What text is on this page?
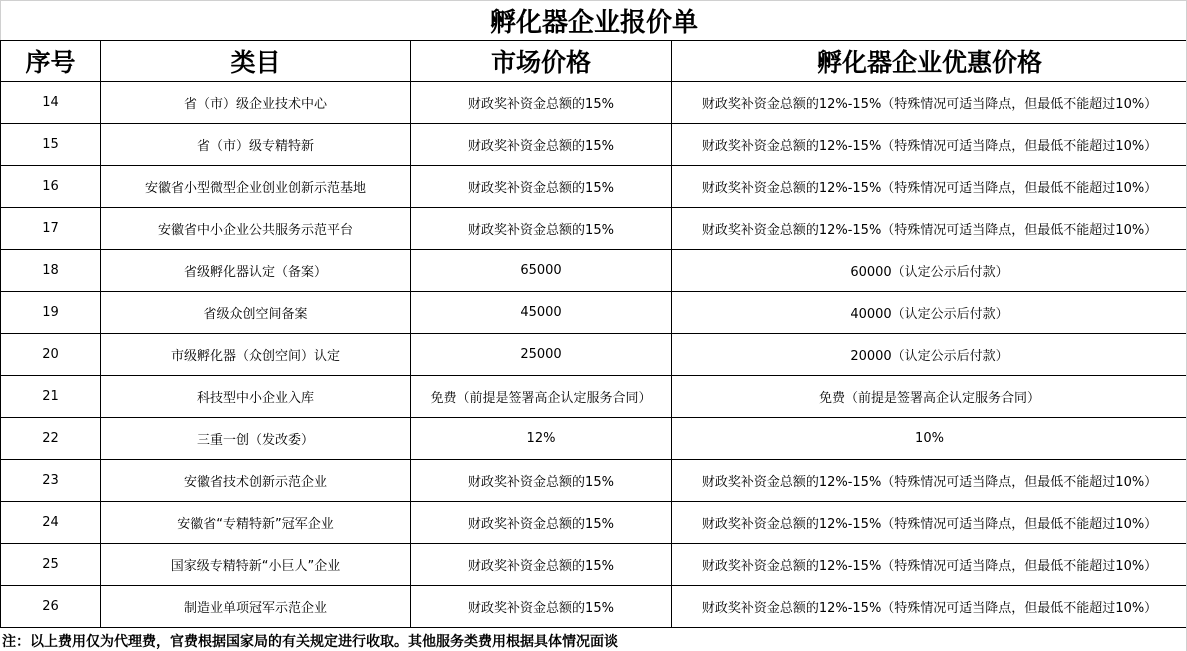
孵化器企业报价单			
序号	类目	市场价格	孵化器企业优惠价格
14	省（市）级企业技术中心	财政奖补资金总额的15%	财政奖补资金总额的12%-15%（特殊情况可适当降点，但最低不能超过10%）
15	省（市）级专精特新	财政奖补资金总额的15%	财政奖补资金总额的12%-15%（特殊情况可适当降点，但最低不能超过10%）
16	安徽省小型微型企业创业创新示范基地	财政奖补资金总额的15%	财政奖补资金总额的12%-15%（特殊情况可适当降点，但最低不能超过10%）
17	安徽省中小企业公共服务示范平台	财政奖补资金总额的15%	财政奖补资金总额的12%-15%（特殊情况可适当降点，但最低不能超过10%）
18	省级孵化器认定（备案）	65000	60000（认定公示后付款）
19	省级众创空间备案	45000	40000（认定公示后付款）
20	市级孵化器（众创空间）认定	25000	20000（认定公示后付款）
21	科技型中小企业入库	免费（前提是签署高企认定服务合同）	免费（前提是签署高企认定服务合同）
22	三重一创（发改委）	12%	10%
23	安徽省技术创新示范企业	财政奖补资金总额的15%	财政奖补资金总额的12%-15%（特殊情况可适当降点，但最低不能超过10%）
24	安徽省“专精特新”冠军企业	财政奖补资金总额的15%	财政奖补资金总额的12%-15%（特殊情况可适当降点，但最低不能超过10%）
25	国家级专精特新“小巨人”企业	财政奖补资金总额的15%	财政奖补资金总额的12%-15%（特殊情况可适当降点，但最低不能超过10%）
26	制造业单项冠军示范企业	财政奖补资金总额的15%	财政奖补资金总额的12%-15%（特殊情况可适当降点，但最低不能超过10%）
注：以上费用仅为代理费，官费根据国家局的有关规定进行收取。其他服务类费用根据具体情况面谈
